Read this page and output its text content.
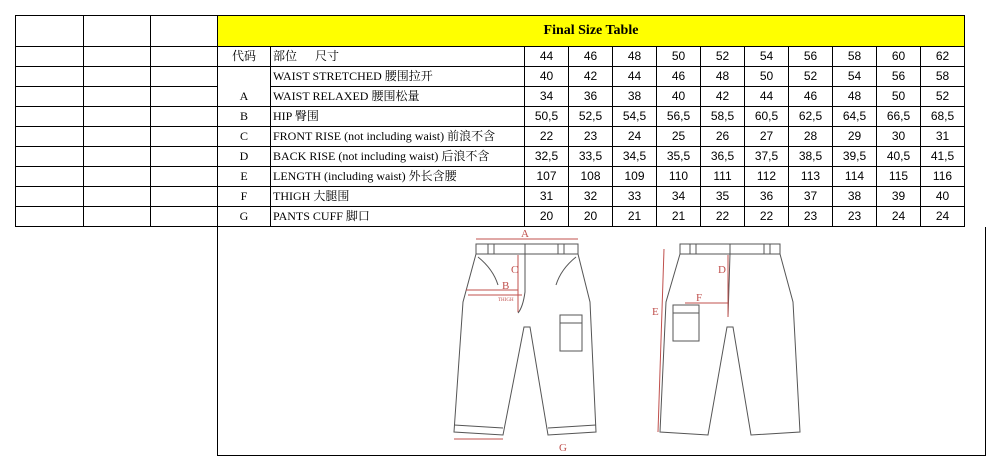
			Final Size Table											
			代码	部位 尺寸	44	46	48	50	52	54	56	58	60	62
				WAIST STRETCHED 腰围拉开	40	42	44	46	48	50	52	54	56	58
			A	WAIST RELAXED 腰围松量	34	36	38	40	42	44	46	48	50	52
			B	HIP 臀围	50,5	52,5	54,5	56,5	58,5	60,5	62,5	64,5	66,5	68,5
			C	FRONT RISE (not including waist) 前浪不含	22	23	24	25	26	27	28	29	30	31
			D	BACK RISE (not including waist) 后浪不含	32,5	33,5	34,5	35,5	36,5	37,5	38,5	39,5	40,5	41,5
			E	LENGTH (including waist) 外长含腰	107	108	109	110	111	112	113	114	115	116
			F	THIGH 大腿围	31	32	33	34	35	36	37	38	39	40
			G	PANTS CUFF 脚口	20	20	21	21	22	22	23	23	24	24
A
C
B
THIGH
G
D
E
F
